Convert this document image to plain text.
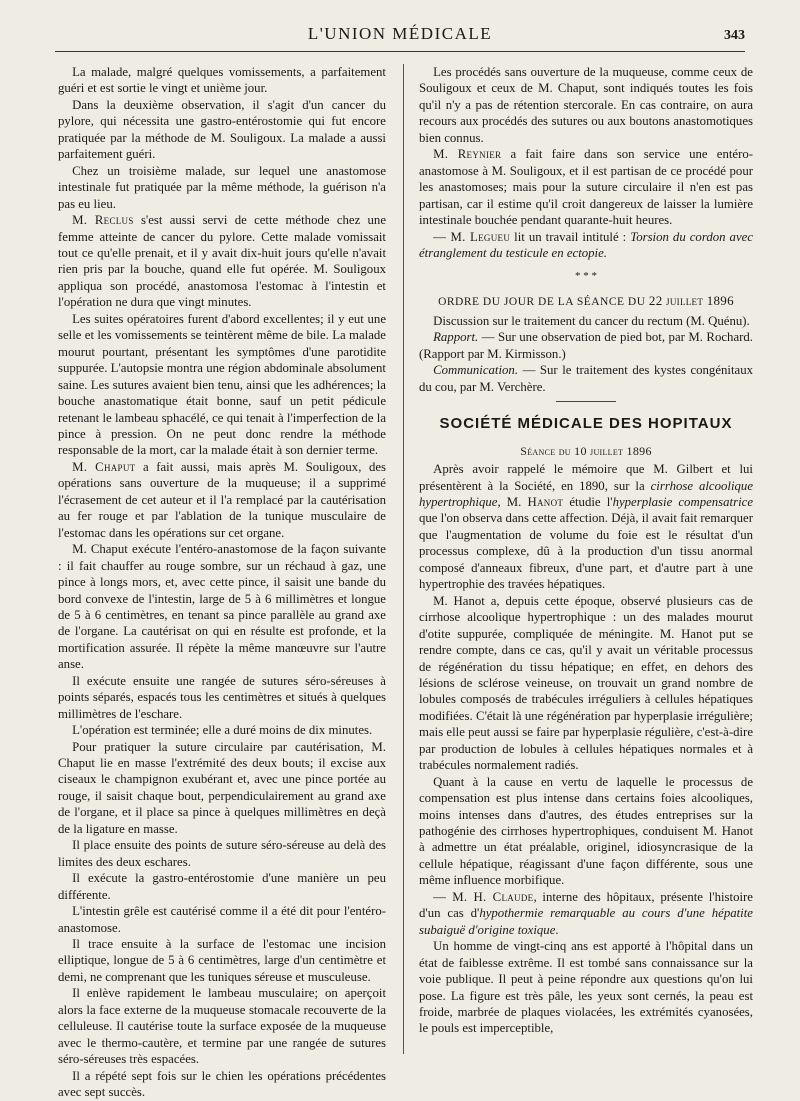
L'UNION MÉDICALE	343

La malade, malgré quelques vomissements, a parfaitement guéri et est sortie le vingt et unième jour.

Dans la deuxième observation, il s'agit d'un cancer du pylore, qui nécessita une gastro-entérostomie qui fut encore pratiquée par la méthode de M. Souligoux. La malade a aussi parfaitement guéri.

Chez un troisième malade, sur lequel une anastomose intestinale fut pratiquée par la même méthode, la guérison n'a pas eu lieu.

M. Reclus s'est aussi servi de cette méthode chez une femme atteinte de cancer du pylore. Cette malade vomissait tout ce qu'elle prenait, et il y avait dix-huit jours qu'elle n'avait rien pris par la bouche, quand elle fut opérée. M. Souligoux appliqua son procédé, anastomosa l'estomac à l'intestin et l'opération ne dura que vingt minutes.

Les suites opératoires furent d'abord excellentes; il y eut une selle et les vomissements se teintèrent même de bile. La malade mourut pourtant, présentant les symptômes d'une parotidite suppurée. L'autopsie montra une région abdominale absolument saine. Les sutures avaient bien tenu, ainsi que les adhérences; la bouche anastomatique était bonne, sauf un petit pédicule retenant le lambeau sphacélé, ce qui tenait à l'imperfection de la pince à pression. On ne peut donc rendre la méthode responsable de la mort, car la malade était à son dernier terme.

M. Chaput a fait aussi, mais après M. Souligoux, des opérations sans ouverture de la muqueuse; il a supprimé l'écrasement de cet auteur et il l'a remplacé par la cautérisation au fer rouge et par l'ablation de la tunique musculaire de l'estomac dans les opérations sur cet organe.

M. Chaput exécute l'entéro-anastomose de la façon suivante : il fait chauffer au rouge sombre, sur un réchaud à gaz, une pince à longs mors, et, avec cette pince, il saisit une bande du bord convexe de l'intestin, large de 5 à 6 millimètres et longue de 5 à 6 centimètres, en tenant sa pince parallèle au grand axe de l'organe. La cautérisat on qui en résulte est profonde, et la mortification assurée. Il répète la même manœuvre sur l'autre anse.

Il exécute ensuite une rangée de sutures séro-séreuses à points séparés, espacés tous les centimètres et situés à quelques millimètres de l'eschare.

L'opération est terminée; elle a duré moins de dix minutes.

Pour pratiquer la suture circulaire par cautérisation, M. Chaput lie en masse l'extrémité des deux bouts; il excise aux ciseaux le champignon exubérant et, avec une pince portée au rouge, il saisit chaque bout, perpendiculairement au grand axe de l'organe, et il place sa pince à quelques millimètres en deçà de la ligature en masse.

Il place ensuite des points de suture séro-séreuse au delà des limites des deux eschares.

Il exécute la gastro-entérostomie d'une manière un peu différente.

L'intestin grêle est cautérisé comme il a été dit pour l'entéro-anastomose.

Il trace ensuite à la surface de l'estomac une incision elliptique, longue de 5 à 6 centimètres, large d'un centimètre et demi, ne comprenant que les tuniques séreuse et musculeuse.

Il enlève rapidement le lambeau musculaire; on aperçoit alors la face externe de la muqueuse stomacale recouverte de la celluleuse. Il cautérise toute la surface exposée de la muqueuse avec le thermo-cautère, et termine par une rangée de sutures séro-séreuses très espacées.

Il a répété sept fois sur le chien les opérations précédentes avec sept succès.

Les procédés sans ouverture de la muqueuse, comme ceux de Souligoux et ceux de M. Chaput, sont indiqués toutes les fois qu'il n'y a pas de rétention stercorale. En cas contraire, on aura recours aux procédés des sutures ou aux boutons anastomotiques bien connus.

M. Reynier a fait faire dans son service une entéro-anastomose à M. Souligoux, et il est partisan de ce procédé pour les anastomoses; mais pour la suture circulaire il n'en est pas partisan, car il estime qu'il croit dangereux de laisser la lumière intestinale bouchée pendant quarante-huit heures.

— M. Legueu lit un travail intitulé : Torsion du cordon avec étranglement du testicule en ectopie.

* * *
ORDRE DU JOUR DE LA SÉANCE DU 22 juillet 1896

Discussion sur le traitement du cancer du rectum (M. Quénu).

Rapport. — Sur une observation de pied bot, par M. Rochard. (Rapport par M. Kirmisson.)

Communication. — Sur le traitement des kystes congénitaux du cou, par M. Verchère.

SOCIÉTÉ MÉDICALE DES HOPITAUX
Séance du 10 juillet 1896

Après avoir rappelé le mémoire que M. Gilbert et lui présentèrent à la Société, en 1890, sur la cirrhose alcoolique hypertrophique, M. Hanot étudie l'hyperplasie compensatrice que l'on observa dans cette affection. Déjà, il avait fait remarquer que l'augmentation de volume du foie est le résultat d'un processus complexe, dû à la production d'un tissu anormal composé d'anneaux fibreux, d'une part, et d'autre part à une hypertrophie des travées hépatiques.

M. Hanot a, depuis cette époque, observé plusieurs cas de cirrhose alcoolique hypertrophique : un des malades mourut d'otite suppurée, compliquée de méningite. M. Hanot put se rendre compte, dans ce cas, qu'il y avait un véritable processus de régénération du tissu hépatique; en effet, en dehors des lésions de sclérose veineuse, on trouvait un grand nombre de lobules composés de trabécules irréguliers à cellules hépatiques modifiées. C'était là une régénération par hyperplasie irrégulière; mais elle peut aussi se faire par hyperplasie régulière, c'est-à-dire par production de lobules à cellules hépatiques normales et à trabécules normalement radiés.

Quant à la cause en vertu de laquelle le processus de compensation est plus intense dans certains foies alcooliques, moins intenses dans d'autres, des études entreprises sur la pathogénie des cirrhoses hypertrophiques, conduisent M. Hanot à admettre un état préalable, originel, idiosyncrasique de la cellule hépatique, réagissant d'une façon différente, sous une même influence morbifique.

— M. H. Claude, interne des hôpitaux, présente l'histoire d'un cas d'hypothermie remarquable au cours d'une hépatite subaiguë d'origine toxique.

Un homme de vingt-cinq ans est apporté à l'hôpital dans un état de faiblesse extrême. Il est tombé sans connaissance sur la voie publique. Il peut à peine répondre aux questions qu'on lui pose. La figure est très pâle, les yeux sont cernés, la peau est froide, marbrée de plaques violacées, les extrémités cyanosées, le pouls est imperceptible,
